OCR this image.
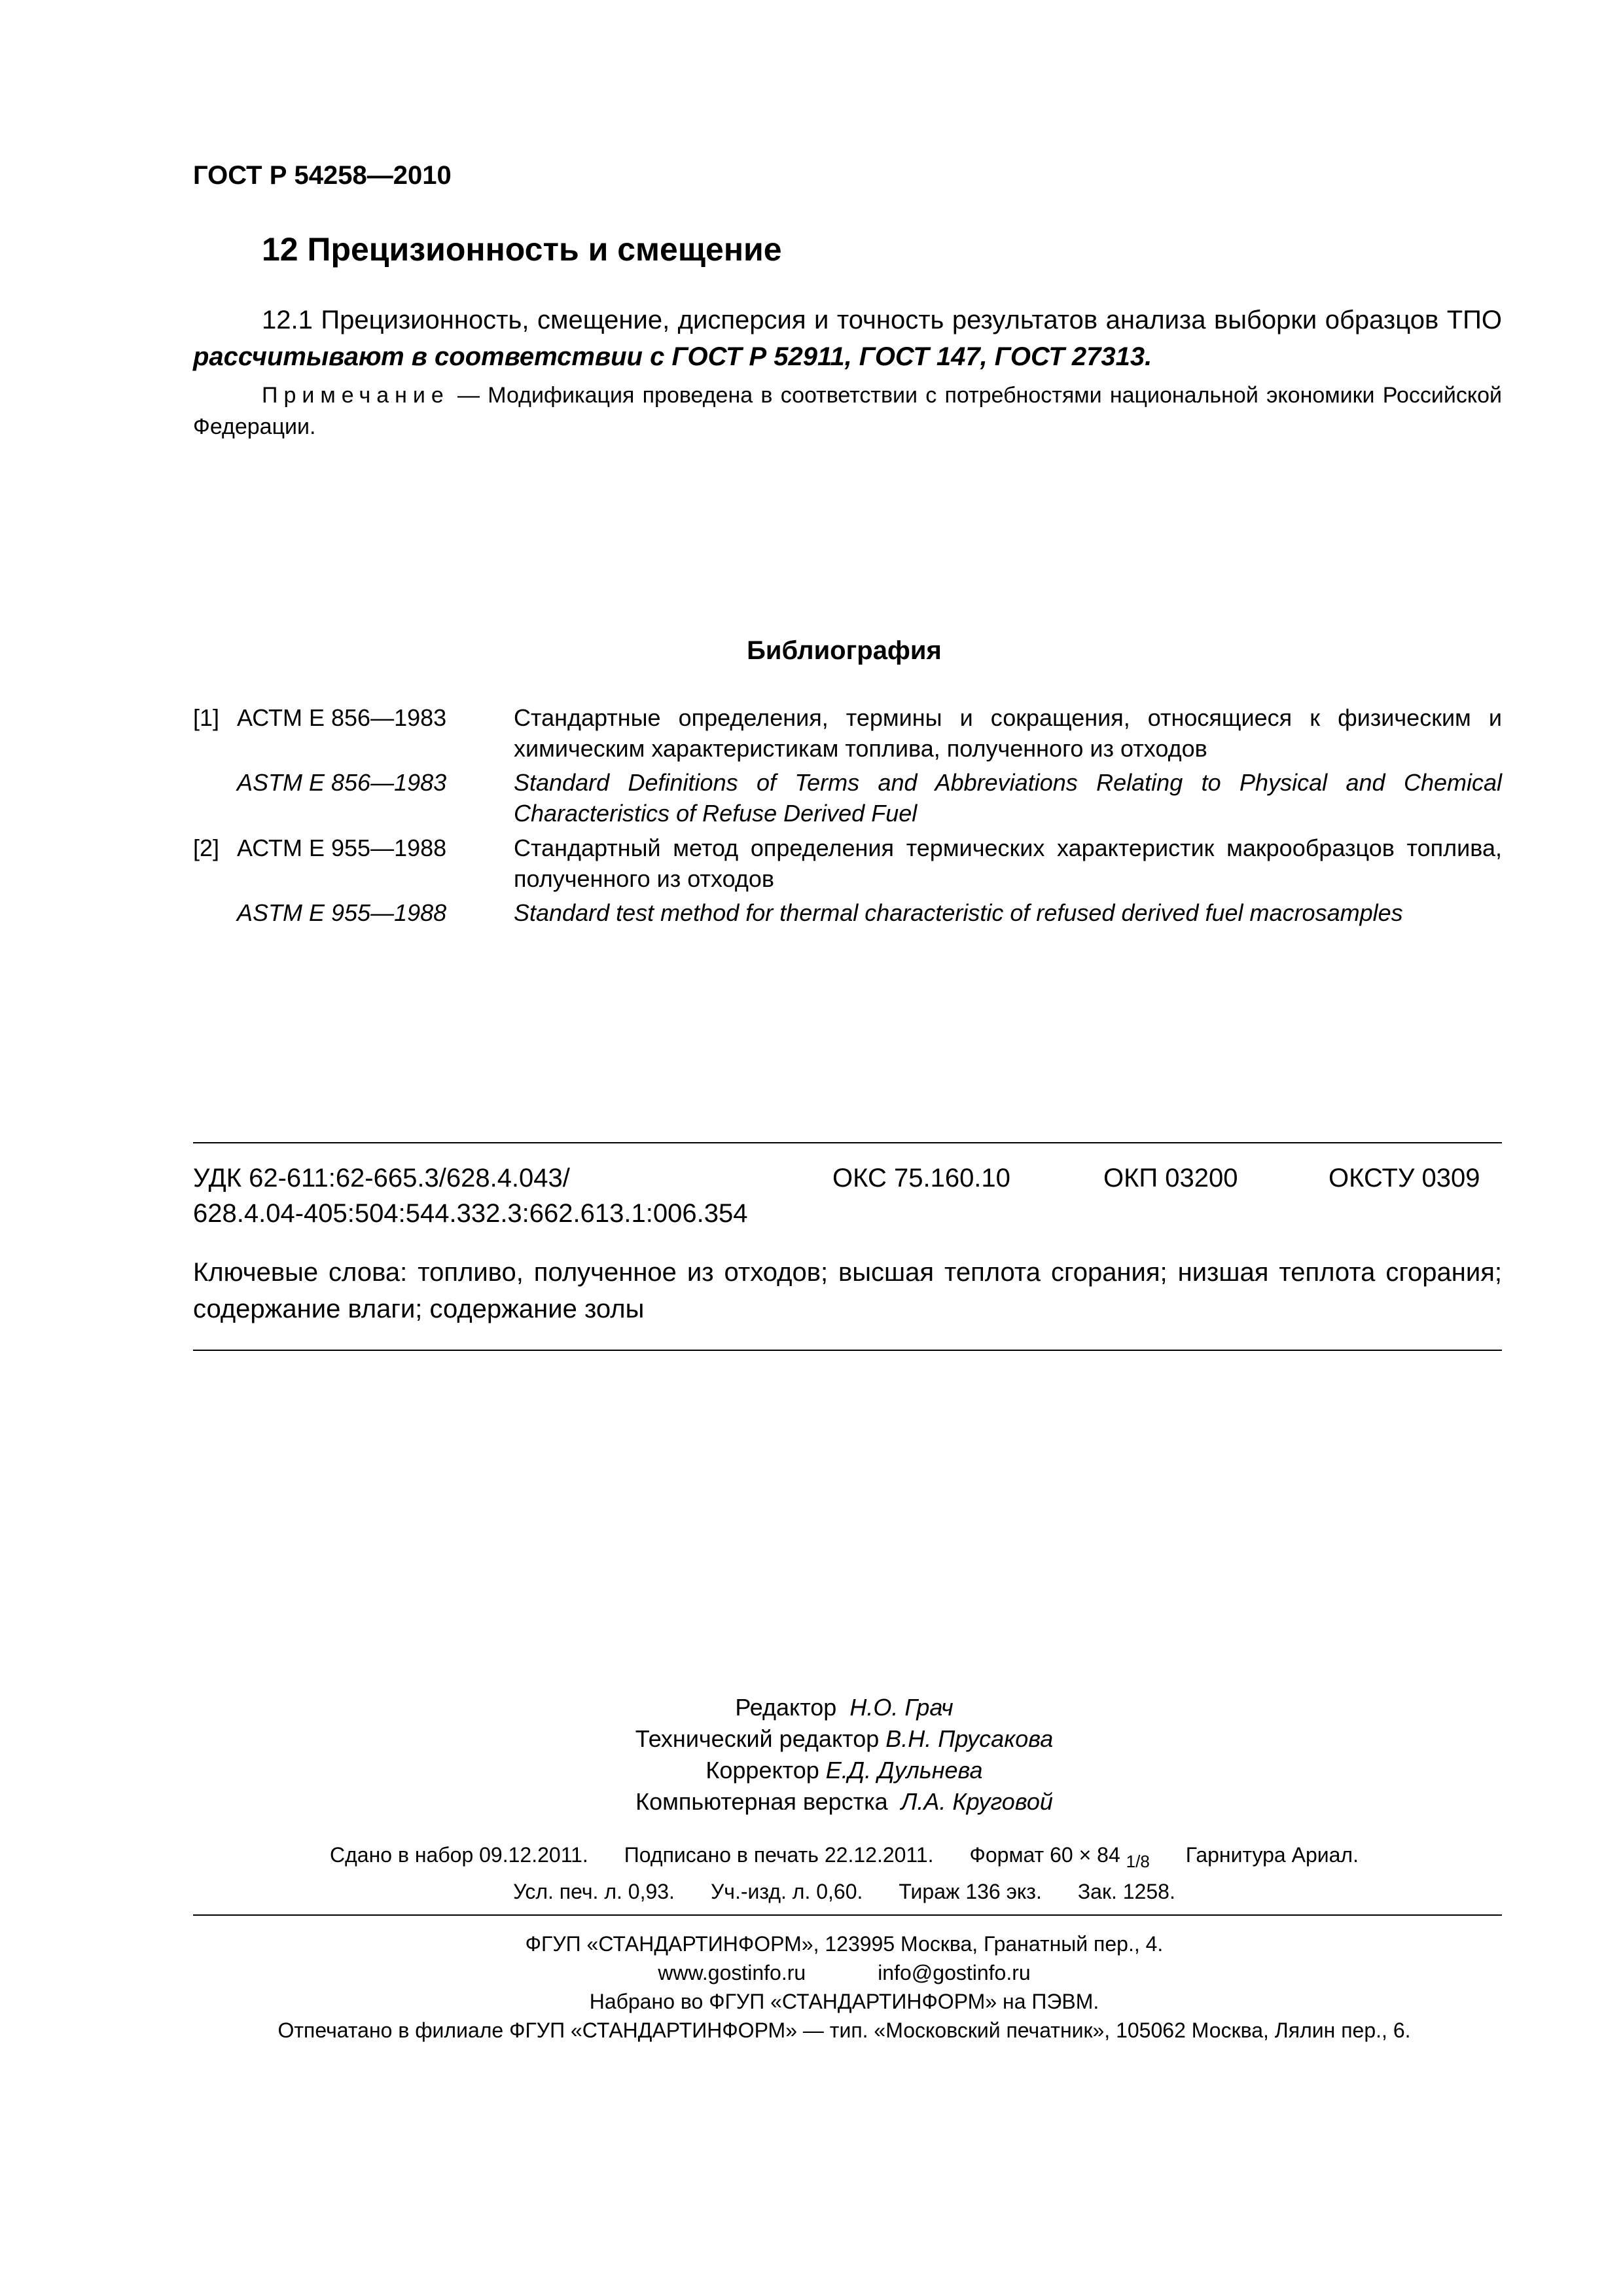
ГОСТ Р 54258—2010
12 Прецизионность и смещение
12.1 Прецизионность, смещение, дисперсия и точность результатов анализа выборки образцов ТПО рассчитывают в соответствии с ГОСТ Р 52911, ГОСТ 147, ГОСТ 27313.
Примечание — Модификация проведена в соответствии с потребностями национальной экономики Российской Федерации.
Библиография
[1] АСТМ Е 856—1983	Стандартные определения, термины и сокращения, относящиеся к физическим и химическим характеристикам топлива, полученного из отходов
ASTM E 856—1983	Standard Definitions of Terms and Abbreviations Relating to Physical and Chemical Characteristics of Refuse Derived Fuel
[2] АСТМ Е 955—1988	Стандартный метод определения термических характеристик макрообразцов топлива, полученного из отходов
ASTM E 955—1988	Standard test method for thermal characteristic of refused derived fuel macrosamples
УДК 62-611:62-665.3/628.4.043/
628.4.04-405:504:544.332.3:662.613.1:006.354
ОКС 75.160.10	ОКП 03200	ОКСТУ 0309
Ключевые слова: топливо, полученное из отходов; высшая теплота сгорания; низшая теплота сгорания; содержание влаги; содержание золы
Редактор Н.О. Грач
Технический редактор В.Н. Прусакова
Корректор Е.Д. Дульнева
Компьютерная верстка Л.А. Круговой
Сдано в набор 09.12.2011. Подписано в печать 22.12.2011. Формат 60 × 84 $_{1/8}$ Гарнитура Ариал.
Усл. печ. л. 0,93. Уч.-изд. л. 0,60. Тираж 136 экз. Зак. 1258.
ФГУП «СТАНДАРТИНФОРМ», 123995 Москва, Гранатный пер., 4.
www.gostinfo.ru	info@gostinfo.ru
Набрано во ФГУП «СТАНДАРТИНФОРМ» на ПЭВМ.
Отпечатано в филиале ФГУП «СТАНДАРТИНФОРМ» — тип. «Московский печатник», 105062 Москва, Лялин пер., 6.
